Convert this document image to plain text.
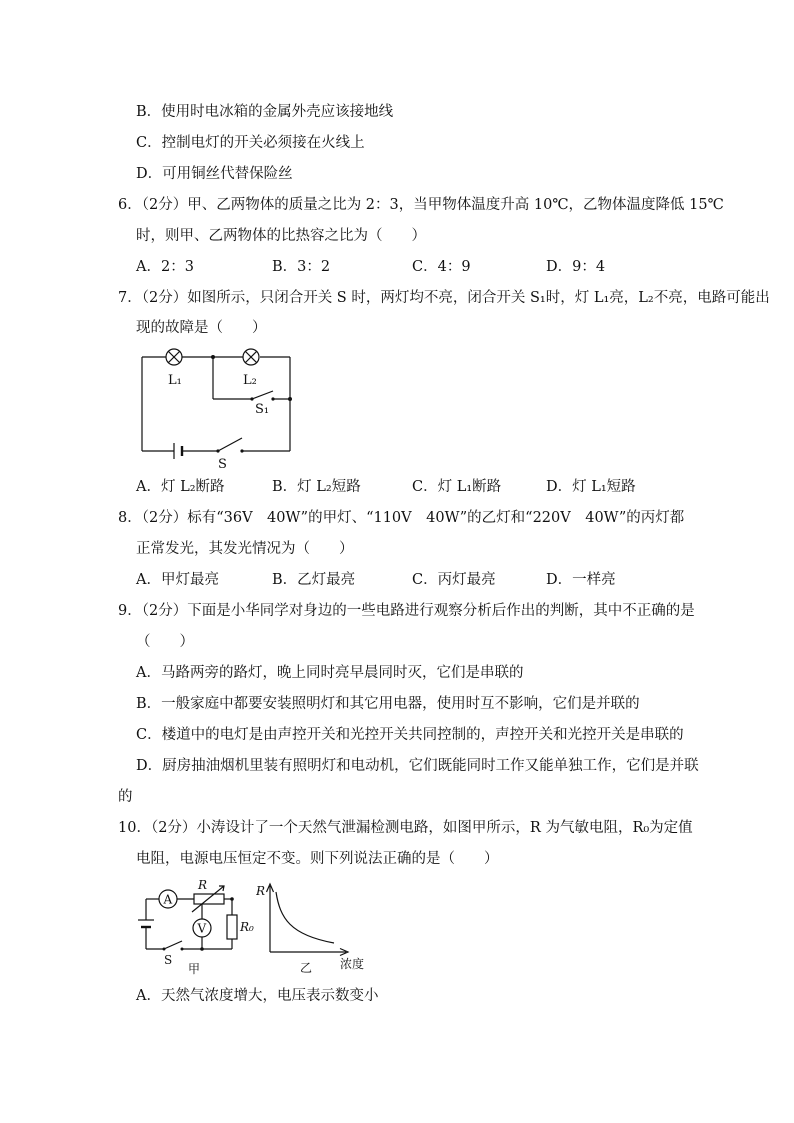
B．使用时电冰箱的金属外壳应该接地线
C．控制电灯的开关必须接在火线上
D．可用铜丝代替保险丝
6．（2分）甲、乙两物体的质量之比为 2：3，当甲物体温度升高 10℃，乙物体温度降低 15℃
时，则甲、乙两物体的比热容之比为（　　）
A．2：3	B．3：2	C．4：9	D．9：4
7．（2分）如图所示，只闭合开关 S 时，两灯均不亮，闭合开关 S₁时，灯 L₁亮，L₂不亮，电路可能出
现的故障是（　　）
L₁	L₂
S₁
S
A．灯 L₂断路	B．灯 L₂短路	C．灯 L₁断路	D．灯 L₁短路
8．（2分）标有“36V　40W”的甲灯、“110V　40W”的乙灯和“220V　40W”的丙灯都
正常发光，其发光情况为（　　）
A．甲灯最亮	B．乙灯最亮	C．丙灯最亮	D．一样亮
9．（2分）下面是小华同学对身边的一些电路进行观察分析后作出的判断，其中不正确的是
（　　）
A．马路两旁的路灯，晚上同时亮早晨同时灭，它们是串联的
B．一般家庭中都要安装照明灯和其它用电器，使用时互不影响，它们是并联的
C．楼道中的电灯是由声控开关和光控开关共同控制的，声控开关和光控开关是串联的
D．厨房抽油烟机里装有照明灯和电动机，它们既能同时工作又能单独工作，它们是并联
的
10．（2分）小涛设计了一个天然气泄漏检测电路，如图甲所示，R 为气敏电阻，R₀为定值
电阻，电源电压恒定不变。则下列说法正确的是（　　）
A
V
R
R₀
S
甲
R
浓度
乙
A．天然气浓度增大，电压表示数变小
